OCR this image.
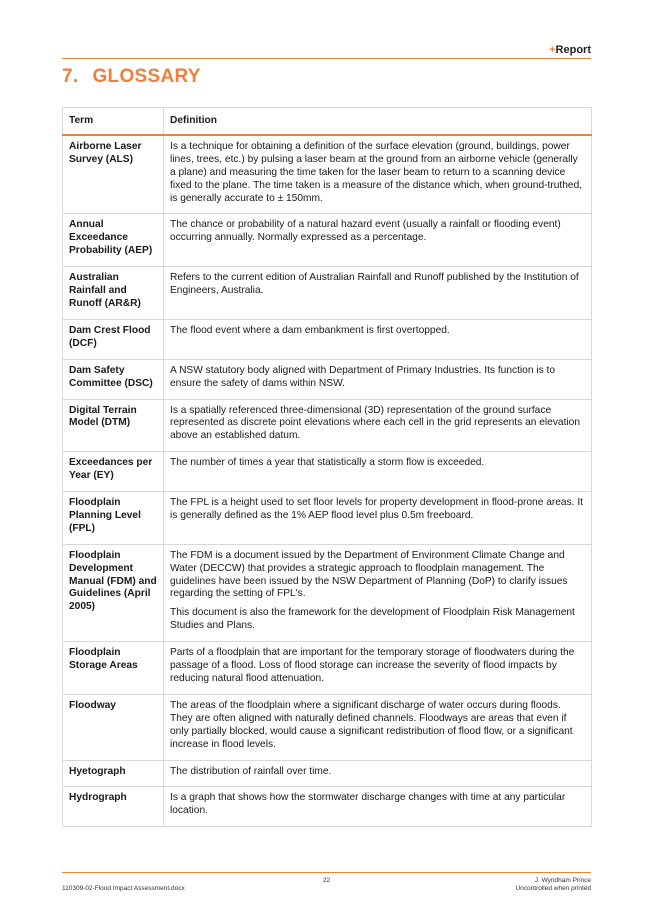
+Report
7. GLOSSARY
Term	Definition
Airborne Laser Survey (ALS)	Is a technique for obtaining a definition of the surface elevation (ground, buildings, power lines, trees, etc.) by pulsing a laser beam at the ground from an airborne vehicle (generally a plane) and measuring the time taken for the laser beam to return to a scanning device fixed to the plane. The time taken is a measure of the distance which, when ground-truthed, is generally accurate to ± 150mm.

Annual Exceedance Probability (AEP)	The chance or probability of a natural hazard event (usually a rainfall or flooding event) occurring annually. Normally expressed as a percentage.

Australian Rainfall and Runoff (AR&R)	Refers to the current edition of Australian Rainfall and Runoff published by the Institution of Engineers, Australia.

Dam Crest Flood (DCF)	The flood event where a dam embankment is first overtopped.

Dam Safety Committee (DSC)	A NSW statutory body aligned with Department of Primary Industries. Its function is to ensure the safety of dams within NSW.

Digital Terrain Model (DTM)	Is a spatially referenced three-dimensional (3D) representation of the ground surface represented as discrete point elevations where each cell in the grid represents an elevation above an established datum.

Exceedances per Year (EY)	The number of times a year that statistically a storm flow is exceeded.

Floodplain Planning Level (FPL)	The FPL is a height used to set floor levels for property development in flood-prone areas. It is generally defined as the 1% AEP flood level plus 0.5m freeboard.

Floodplain Development Manual (FDM) and Guidelines (April 2005)	The FDM is a document issued by the Department of Environment Climate Change and Water (DECCW) that provides a strategic approach to floodplain management. The guidelines have been issued by the NSW Department of Planning (DoP) to clarify issues regarding the setting of FPL's.

This document is also the framework for the development of Floodplain Risk Management Studies and Plans.

Floodplain Storage Areas	Parts of a floodplain that are important for the temporary storage of floodwaters during the passage of a flood. Loss of flood storage can increase the severity of flood impacts by reducing natural flood attenuation.

Floodway	The areas of the floodplain where a significant discharge of water occurs during floods. They are often aligned with naturally defined channels. Floodways are areas that even if only partially blocked, would cause a significant redistribution of flood flow, or a significant increase in flood levels.

Hyetograph	The distribution of rainfall over time.

Hydrograph	Is a graph that shows how the stormwater discharge changes with time at any particular location.

22
110309-02-Flood Impact Assessment.docx
J. Wyndham Prince
Uncontrolled when printed
